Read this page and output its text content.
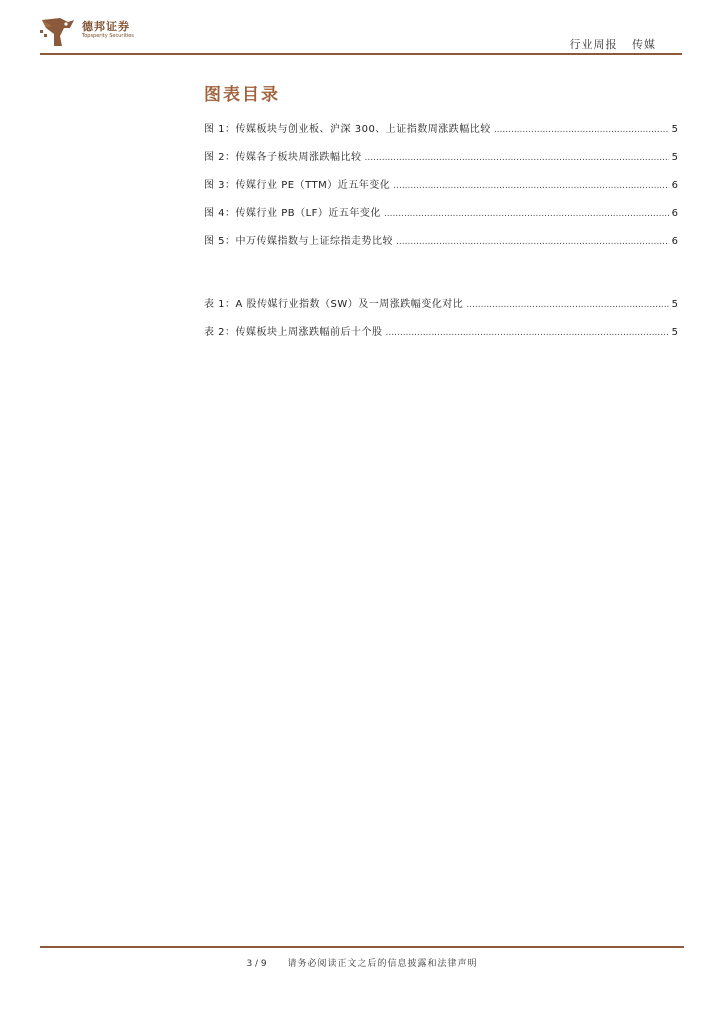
德邦证券
Topsperity Securities
行业周报 传媒
图表目录
图 1：传媒板块与创业板、沪深 300、上证指数周涨跌幅比较 .....	5
图 2：传媒各子板块周涨跌幅比较 .....	5
图 3：传媒行业 PE（TTM）近五年变化 .....	6
图 4：传媒行业 PB（LF）近五年变化 .....	6
图 5：中万传媒指数与上证综指走势比较 .....	6
表 1：A 股传媒行业指数（SW）及一周涨跌幅变化对比 .....	5
表 2：传媒板块上周涨跌幅前后十个股 .....	5
3 / 9 请务必阅读正文之后的信息披露和法律声明
